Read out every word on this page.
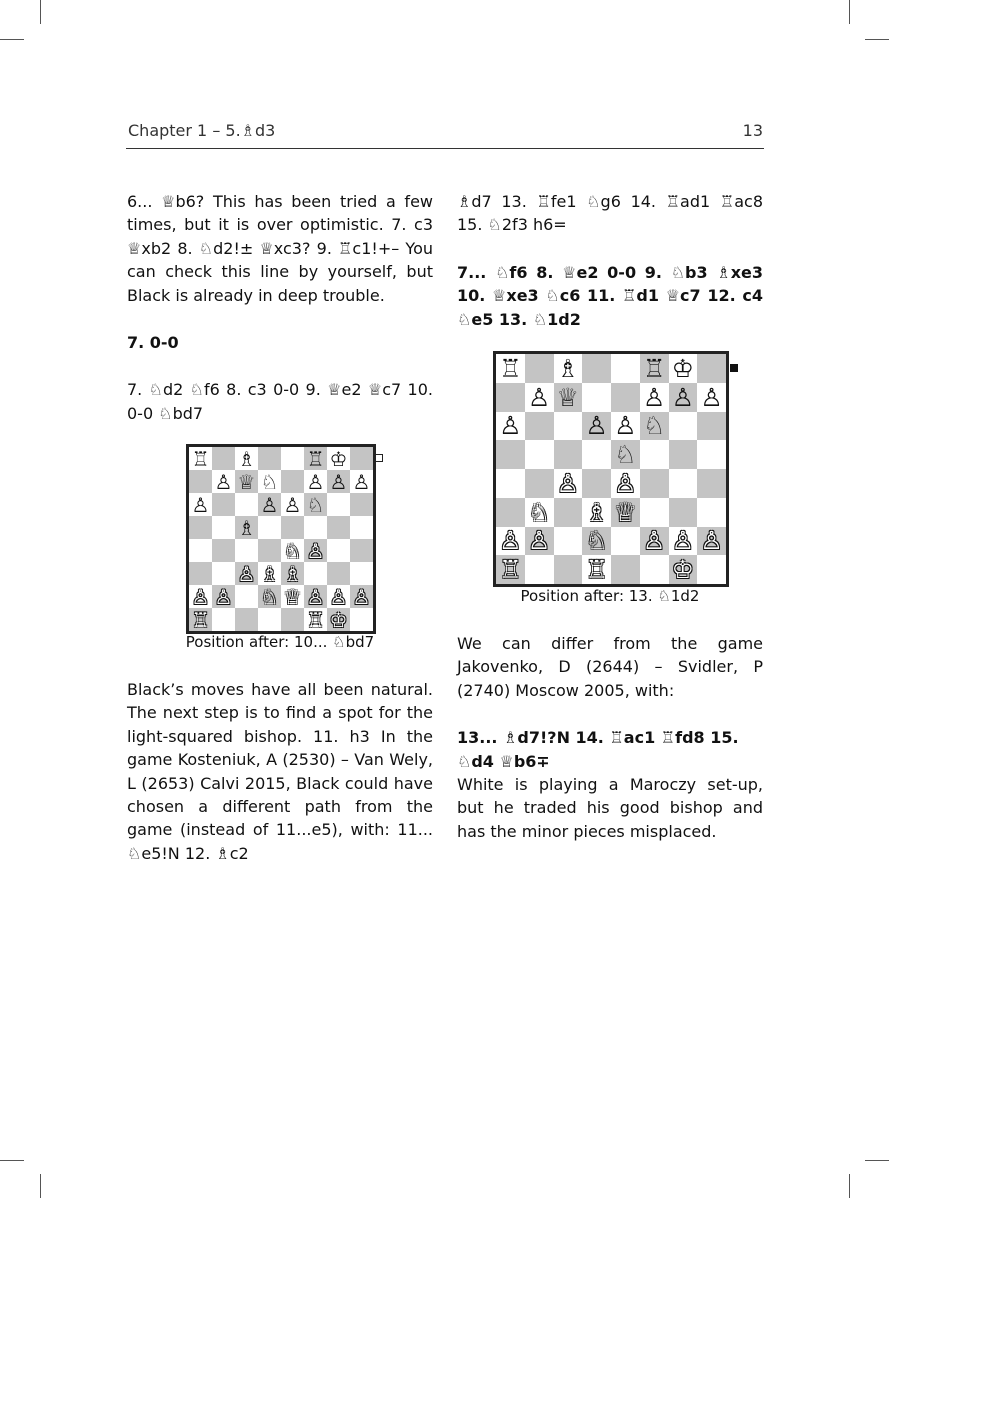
Chapter 1 – 5.♗d3	13

6... ♕b6? This has been tried a few times, but it is over optimistic. 7. c3 ♕xb2 8. ♘d2!± ♕xc3? 9. ♖c1!+– You can check this line by yourself, but Black is already in deep trouble.

7. 0-0

7. ♘d2 ♘f6 8. c3 0-0 9. ♕e2 ♕c7 10. 0-0 ♘bd7

♖ ♗	♖ ♔
♙ ♕ ♘ ♙ ♙ ♙
♙	♙ ♙ ♘
♗
♘ ♙
♙ ♗ ♗
♙ ♙ ♘ ♕ ♙ ♙ ♙
♖	♖ ♔
Position after: 10... ♘bd7

Black’s moves have all been natural. The next step is to find a spot for the light-squared bishop. 11. h3 In the game Kosteniuk, A (2530) – Van Wely, L (2653) Calvi 2015, Black could have chosen a different path from the game (instead of 11...e5), with: 11... ♘e5!N 12. ♗c2

♗d7 13. ♖fe1 ♘g6 14. ♖ad1 ♖ac8 15. ♘2f3 h6=

7... ♘f6 8. ♕e2 0-0 9. ♘b3 ♗xe3 10. ♕xe3 ♘c6 11. ♖d1 ♕c7 12. c4 ♘e5 13. ♘1d2

♖ ♗	♖ ♔
♙ ♕	♙ ♙ ♙
♙	♙ ♙ ♘
♘
♙ ♙
♘ ♗ ♕
♙ ♙ ♘ ♙ ♙ ♙
♖	♖	♔
Position after: 13. ♘1d2

We can differ from the game Jakovenko, D (2644) – Svidler, P (2740) Moscow 2005, with:

13... ♗d7!?N 14. ♖ac1 ♖fd8 15. ♘d4 ♕b6∓

White is playing a Maroczy set-up, but he traded his good bishop and has the minor pieces misplaced.
